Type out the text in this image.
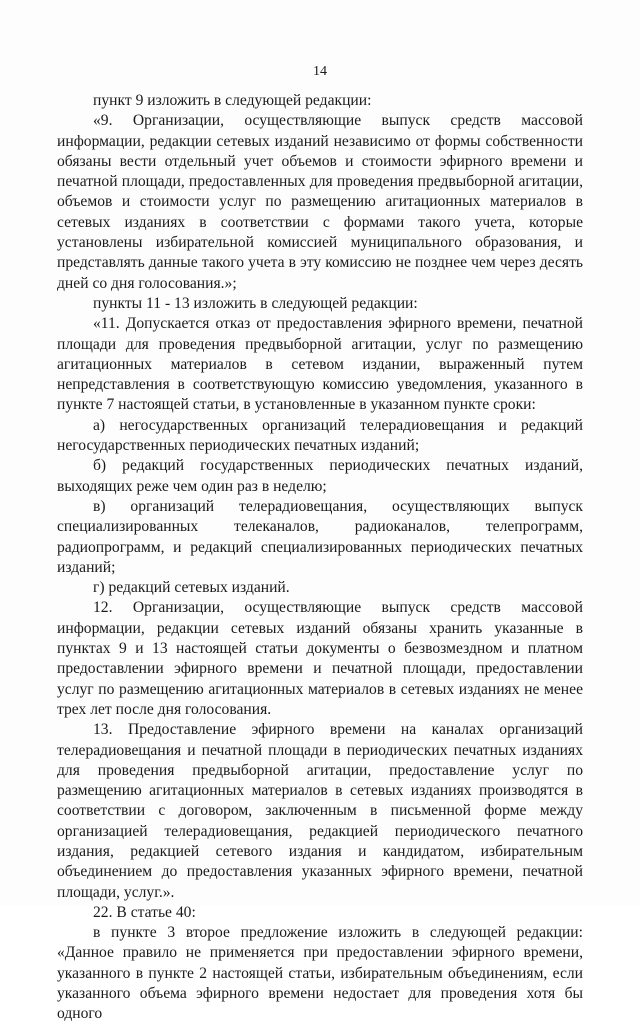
14

пункт 9 изложить в следующей редакции:

«9. Организации, осуществляющие выпуск средств массовой информации, редакции сетевых изданий независимо от формы собственности обязаны вести отдельный учет объемов и стоимости эфирного времени и печатной площади, предоставленных для проведения предвыборной агитации, объемов и стоимости услуг по размещению агитационных материалов в сетевых изданиях в соответствии с формами такого учета, которые установлены избирательной комиссией муниципального образования, и представлять данные такого учета в эту комиссию не позднее чем через десять дней со дня голосования.»;

пункты 11 - 13 изложить в следующей редакции:

«11. Допускается отказ от предоставления эфирного времени, печатной площади для проведения предвыборной агитации, услуг по размещению агитационных материалов в сетевом издании, выраженный путем непредставления в соответствующую комиссию уведомления, указанного в пункте 7 настоящей статьи, в установленные в указанном пункте сроки:

а) негосударственных организаций телерадиовещания и редакций негосударственных периодических печатных изданий;

б) редакций государственных периодических печатных изданий, выходящих реже чем один раз в неделю;

в) организаций телерадиовещания, осуществляющих выпуск специализированных телеканалов, радиоканалов, телепрограмм, радиопрограмм, и редакций специализированных периодических печатных изданий;

г) редакций сетевых изданий.

12. Организации, осуществляющие выпуск средств массовой информации, редакции сетевых изданий обязаны хранить указанные в пунктах 9 и 13 настоящей статьи документы о безвозмездном и платном предоставлении эфирного времени и печатной площади, предоставлении услуг по размещению агитационных материалов в сетевых изданиях не менее трех лет после дня голосования.

13. Предоставление эфирного времени на каналах организаций телерадиовещания и печатной площади в периодических печатных изданиях для проведения предвыборной агитации, предоставление услуг по размещению агитационных материалов в сетевых изданиях производятся в соответствии с договором, заключенным в письменной форме между организацией телерадиовещания, редакцией периодического печатного издания, редакцией сетевого издания и кандидатом, избирательным объединением до предоставления указанных эфирного времени, печатной площади, услуг.».

22. В статье 40:

в пункте 3 второе предложение изложить в следующей редакции: «Данное правило не применяется при предоставлении эфирного времени, указанного в пункте 2 настоящей статьи, избирательным объединениям, если указанного объема эфирного времени недостает для проведения хотя бы одного
